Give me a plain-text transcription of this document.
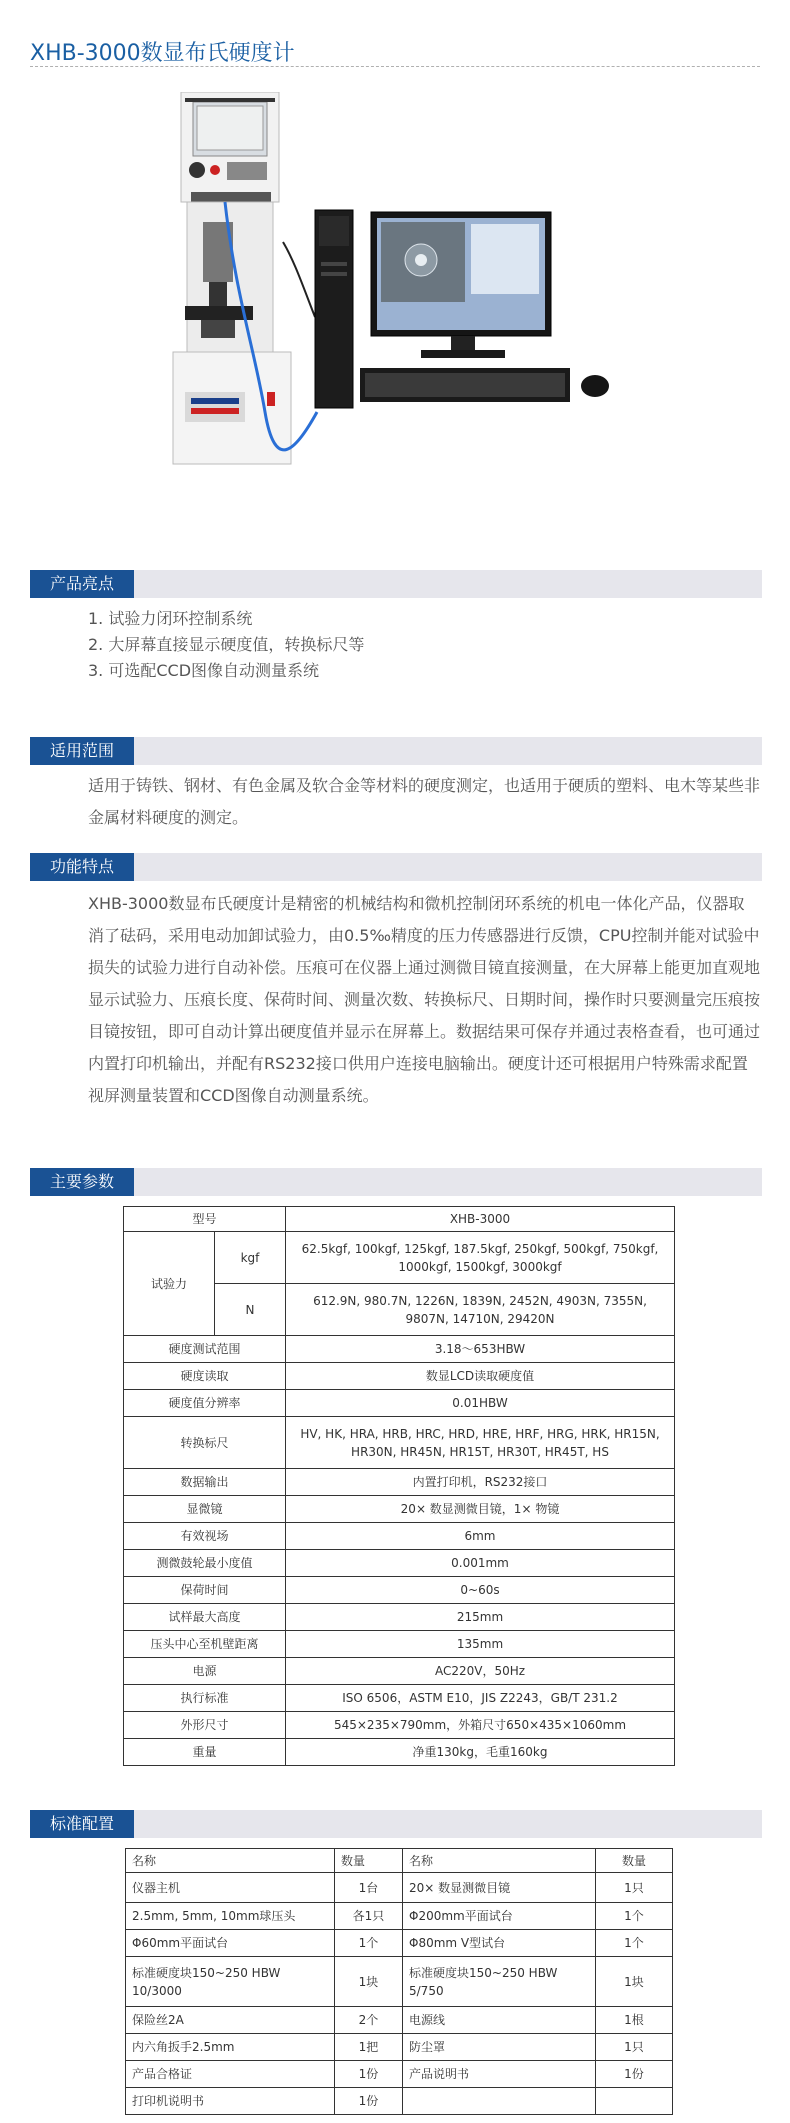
XHB-3000数显布氏硬度计
产品亮点
1. 试验力闭环控制系统
2. 大屏幕直接显示硬度值，转换标尺等
3. 可选配CCD图像自动测量系统
适用范围
适用于铸铁、钢材、有色金属及软合金等材料的硬度测定，也适用于硬质的塑料、电木等某些非金属材料硬度的测定。
功能特点
XHB-3000数显布氏硬度计是精密的机械结构和微机控制闭环系统的机电一体化产品，仪器取消了砝码，采用电动加卸试验力，由0.5‰精度的压力传感器进行反馈，CPU控制并能对试验中损失的试验力进行自动补偿。压痕可在仪器上通过测微目镜直接测量，在大屏幕上能更加直观地显示试验力、压痕长度、保荷时间、测量次数、转换标尺、日期时间，操作时只要测量完压痕按目镜按钮，即可自动计算出硬度值并显示在屏幕上。数据结果可保存并通过表格查看，也可通过内置打印机输出，并配有RS232接口供用户连接电脑输出。硬度计还可根据用户特殊需求配置视屏测量装置和CCD图像自动测量系统。
主要参数
型号		XHB-3000
试验力	kgf	62.5kgf, 100kgf, 125kgf, 187.5kgf, 250kgf, 500kgf, 750kgf, 1000kgf, 1500kgf, 3000kgf
	N	612.9N, 980.7N, 1226N, 1839N, 2452N, 4903N, 7355N, 9807N, 14710N, 29420N
硬度测试范围		3.18～653HBW
硬度读取		数显LCD读取硬度值
硬度值分辨率		0.01HBW
转换标尺		HV, HK, HRA, HRB, HRC, HRD, HRE, HRF, HRG, HRK, HR15N, HR30N, HR45N, HR15T, HR30T, HR45T, HS
数据输出		内置打印机，RS232接口
显微镜		20× 数显测微目镜，1× 物镜
有效视场		6mm
测微鼓轮最小度值		0.001mm
保荷时间		0~60s
试样最大高度		215mm
压头中心至机壁距离		135mm
电源		AC220V，50Hz
执行标准		ISO 6506，ASTM E10，JIS Z2243，GB/T 231.2
外形尺寸		545×235×790mm，外箱尺寸650×435×1060mm
重量		净重130kg，毛重160kg
标准配置
名称	数量	名称	数量
仪器主机	1台	20× 数显测微目镜	1只
2.5mm, 5mm, 10mm球压头	各1只	Φ200mm平面试台	1个
Φ60mm平面试台	1个	Φ80mm V型试台	1个
标准硬度块150~250 HBW 10/3000	1块	标准硬度块150~250 HBW 5/750	1块
保险丝2A	2个	电源线	1根
内六角扳手2.5mm	1把	防尘罩	1只
产品合格证	1份	产品说明书	1份
打印机说明书	1份		
